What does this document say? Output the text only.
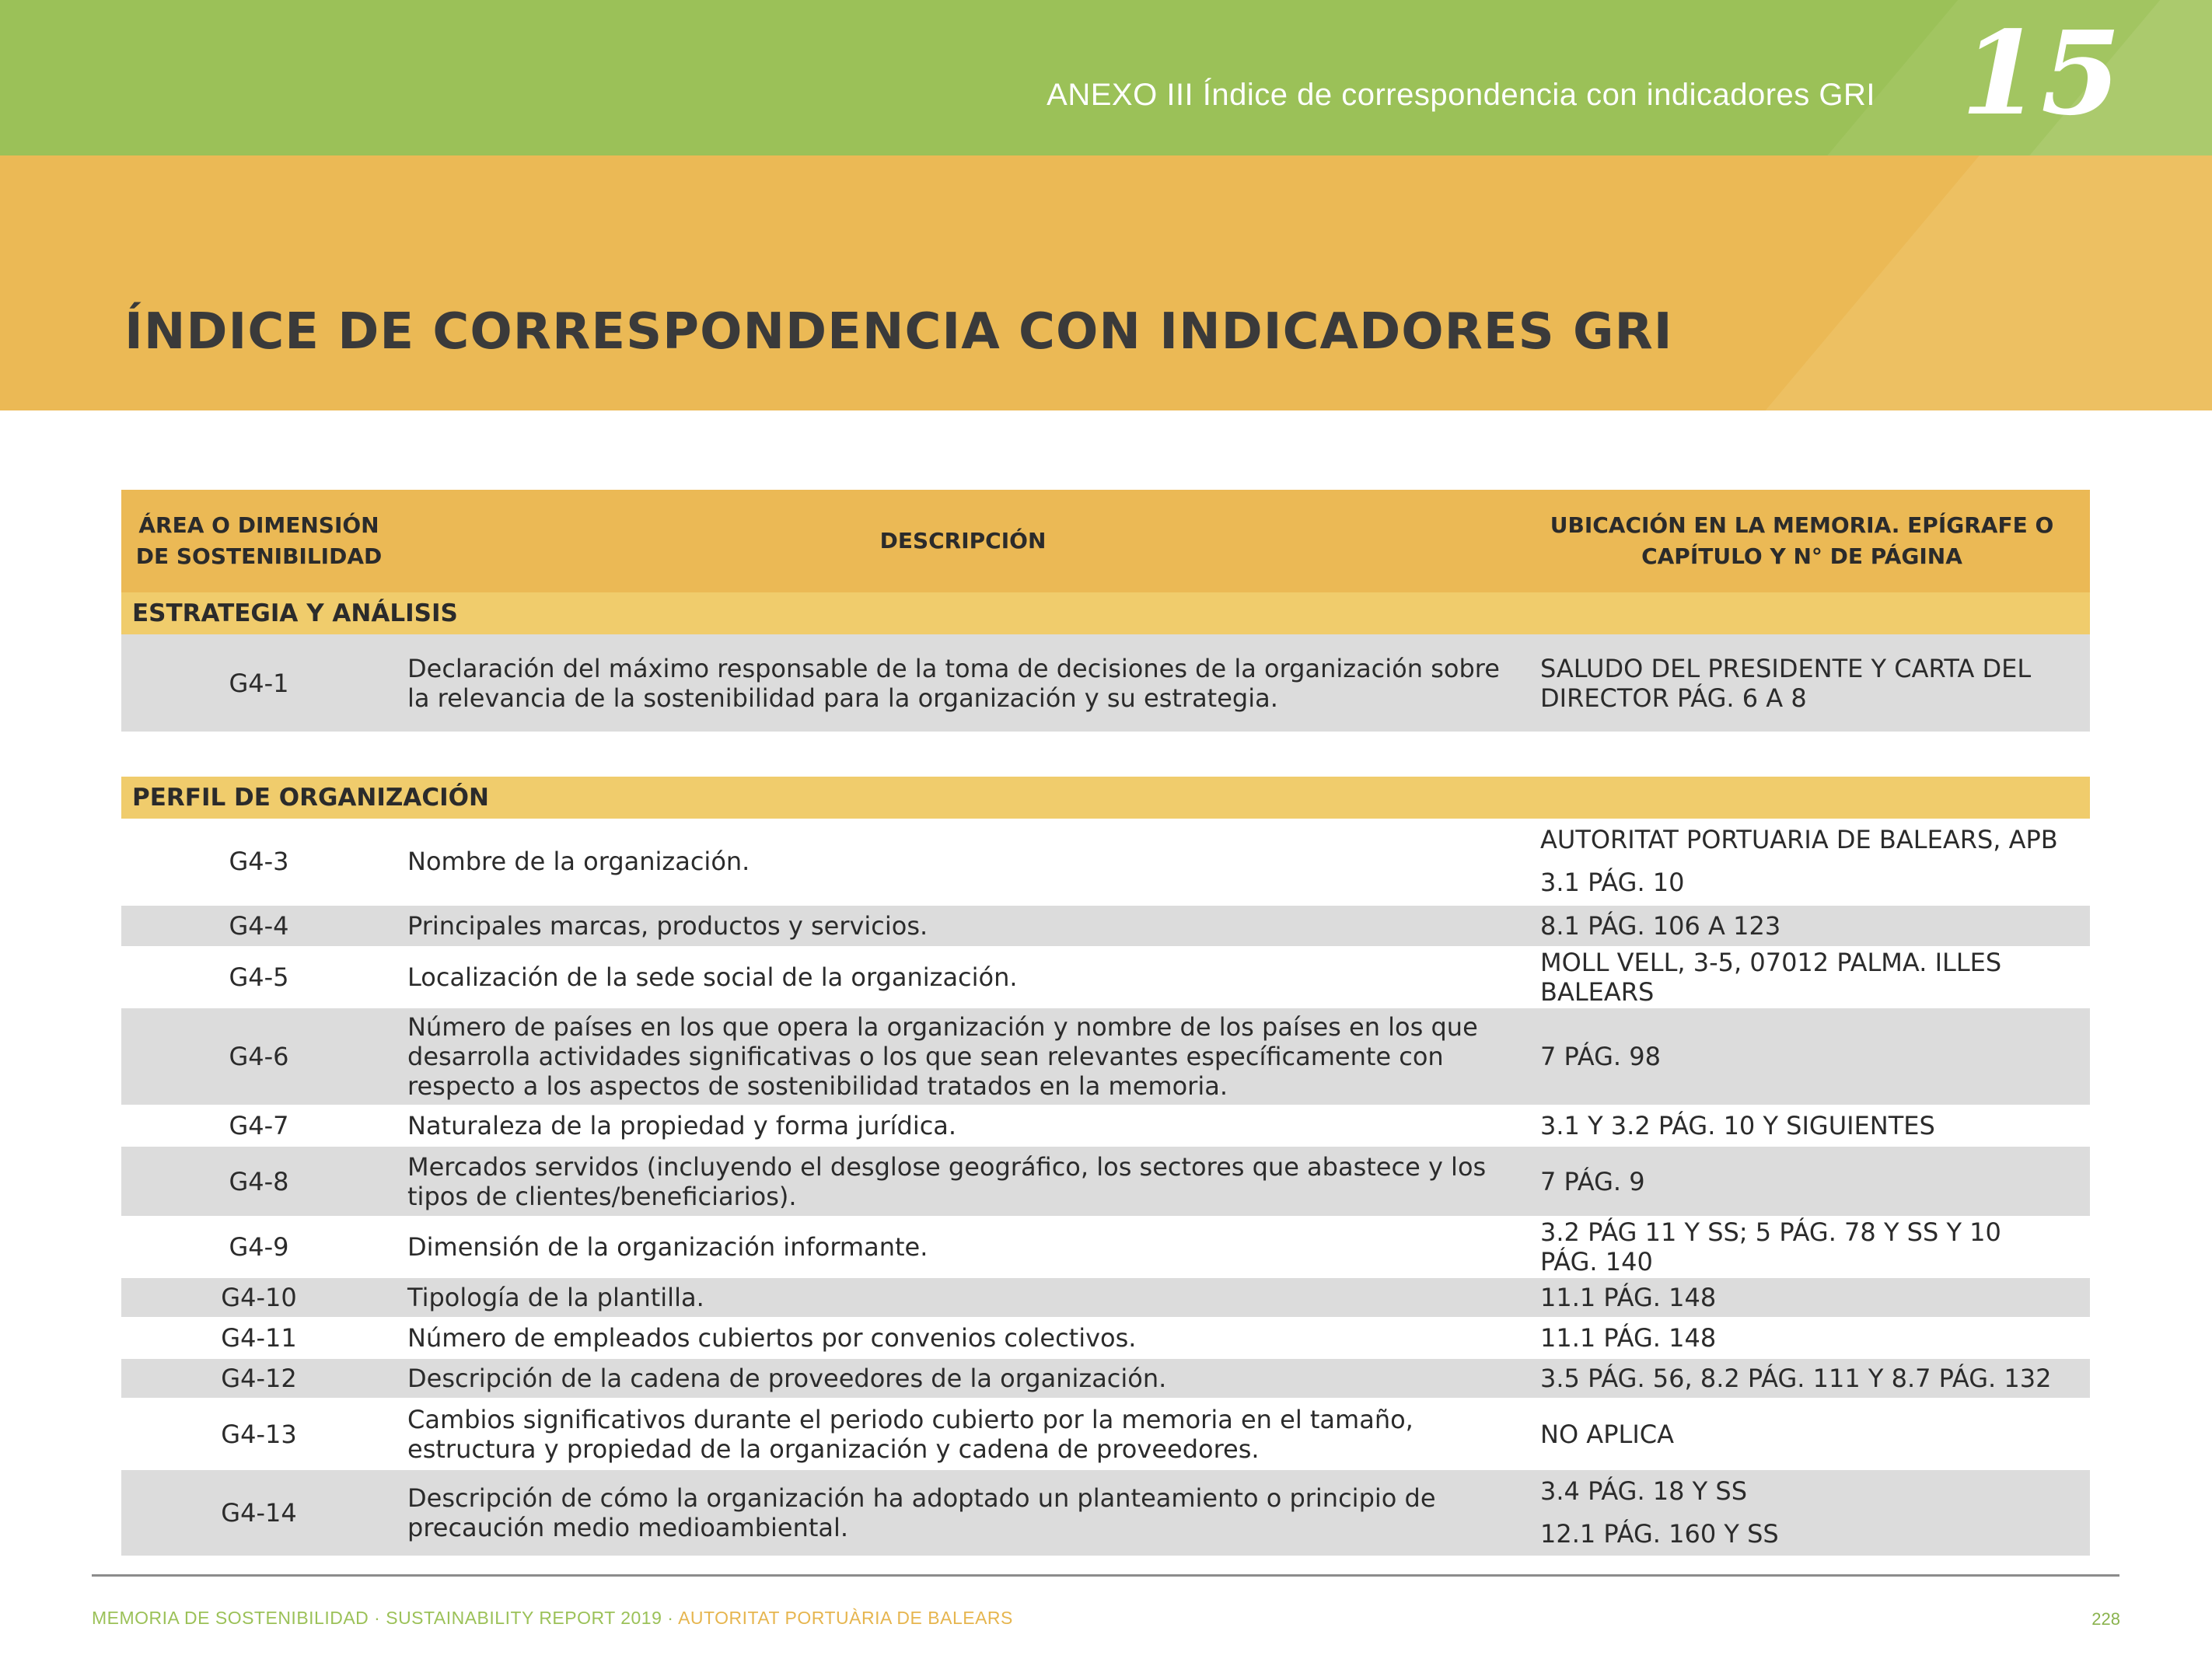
ANEXO III Índice de correspondencia con indicadores GRI 15
ÍNDICE DE CORRESPONDENCIA CON INDICADORES GRI
ÁREA O DIMENSIÓN DE SOSTENIBILIDAD	DESCRIPCIÓN	UBICACIÓN EN LA MEMORIA. EPÍGRAFE O CAPÍTULO Y N° DE PÁGINA
ESTRATEGIA Y ANÁLISIS		
G4-1	Declaración del máximo responsable de la toma de decisiones de la organización sobre la relevancia de la sostenibilidad para la organización y su estrategia.	SALUDO DEL PRESIDENTE Y CARTA DEL DIRECTOR PÁG. 6 A 8

PERFIL DE ORGANIZACIÓN		
G4-3	Nombre de la organización.	AUTORITAT PORTUARIA DE BALEARS, APB
3.1 PÁG. 10

G4-4	Principales marcas, productos y servicios.	8.1 PÁG. 106 A 123
G4-5	Localización de la sede social de la organización.	MOLL VELL, 3-5, 07012 PALMA. ILLES BALEARS
G4-6	Número de países en los que opera la organización y nombre de los países en los que desarrolla actividades significativas o los que sean relevantes específicamente con respecto a los aspectos de sostenibilidad tratados en la memoria.	7 PÁG. 98
G4-7	Naturaleza de la propiedad y forma jurídica.	3.1 Y 3.2 PÁG. 10 Y SIGUIENTES
G4-8	Mercados servidos (incluyendo el desglose geográfico, los sectores que abastece y los tipos de clientes/beneficiarios).	7 PÁG. 9
G4-9	Dimensión de la organización informante.	3.2 PÁG 11 Y SS; 5 PÁG. 78 Y SS Y 10 PÁG. 140
G4-10	Tipología de la plantilla.	11.1 PÁG. 148
G4-11	Número de empleados cubiertos por convenios colectivos.	11.1 PÁG. 148
G4-12	Descripción de la cadena de proveedores de la organización.	3.5 PÁG. 56, 8.2 PÁG. 111 Y 8.7 PÁG. 132
G4-13	Cambios significativos durante el periodo cubierto por la memoria en el tamaño, estructura y propiedad de la organización y cadena de proveedores.	NO APLICA
G4-14	Descripción de cómo la organización ha adoptado un planteamiento o principio de precaución medio medioambiental.	3.4 PÁG. 18 Y SS
12.1 PÁG. 160 Y SS
MEMORIA DE SOSTENIBILIDAD · SUSTAINABILITY REPORT 2019 · AUTORITAT PORTUÀRIA DE BALEARS	228
